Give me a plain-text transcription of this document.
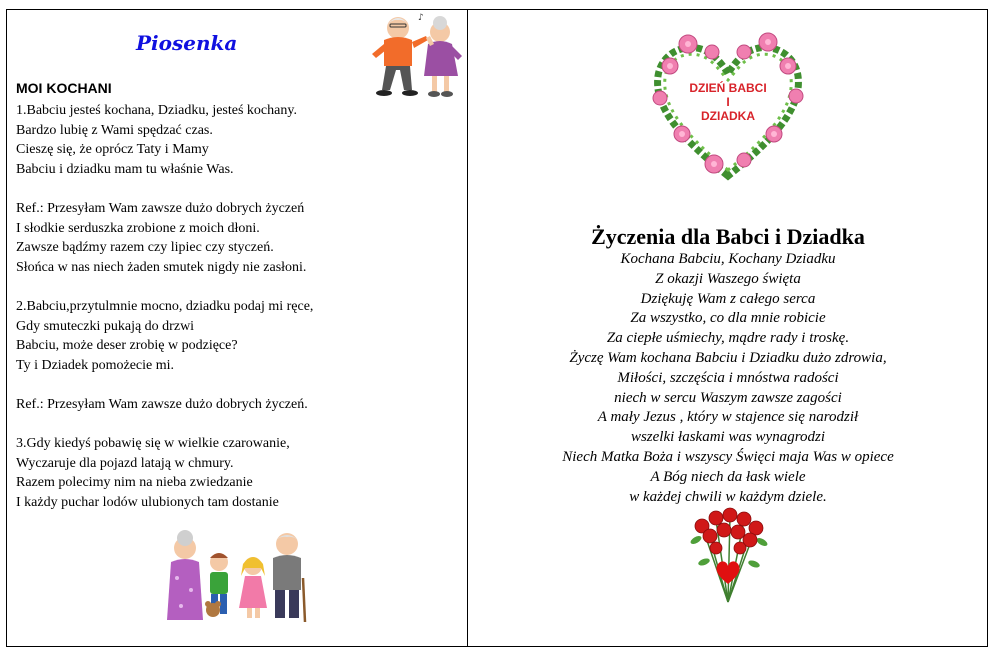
Piosenka
MOI KOCHANI
1.Babciu jesteś kochana, Dziadku, jesteś kochany.
Bardzo lubię z Wami spędzać czas.
Cieszę się, że oprócz Taty i Mamy
Babciu i dziadku mam tu właśnie Was.
Ref.: Przesyłam Wam zawsze dużo dobrych życzeń
I słodkie serduszka zrobione z moich dłoni.
Zawsze bądźmy razem czy lipiec czy styczeń.
Słońca w nas niech żaden smutek nigdy nie zasłoni.
2.Babciu,przytulmnie mocno, dziadku podaj mi ręce,
Gdy smuteczki pukają do drzwi
Babciu, może deser zrobię w podzięce?
Ty i Dziadek pomożecie mi.
Ref.: Przesyłam Wam zawsze dużo dobrych życzeń.
3.Gdy kiedyś pobawię się w wielkie czarowanie,
Wyczaruje dla pojazd latają w chmury.
Razem polecimy nim na nieba zwiedzanie
I każdy puchar lodów ulubionych tam dostanie
♪
DZIEŃ BABCI
I
DZIADKA
Życzenia dla Babci i Dziadka
Kochana Babciu, Kochany Dziadku
Z okazji Waszego święta
Dziękuję Wam z całego serca
Za wszystko, co dla mnie robicie
Za ciepłe uśmiechy, mądre rady i troskę.
Życzę Wam kochana Babciu i Dziadku dużo zdrowia,
Miłości, szczęścia i mnóstwa radości
niech w sercu Waszym zawsze zagości
A mały Jezus , który w stajence się narodził
wszelki łaskami was wynagrodzi
Niech Matka Boża i wszyscy Święci maja Was w opiece
A Bóg niech da łask wiele
w każdej chwili w każdym dziele.
